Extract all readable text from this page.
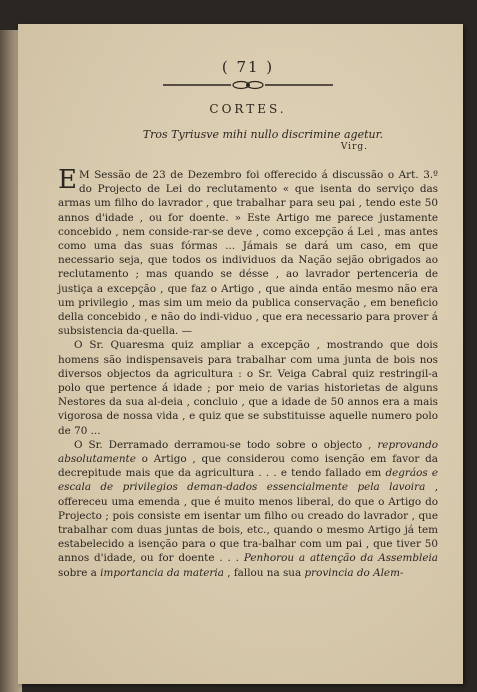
( 71 )
CORTES.
Tros Tyriusve mihi nullo discrimine agetur.
Virg.

E M Sessão de 23 de Dezembro foi offerecido á discussão o Art. 3.º do Projecto de Lei do reclutamento « que isenta do serviço das armas um filho do lavrador , que trabalhar para seu pai , tendo este 50 annos d'idade , ou for doente. » Este Artigo me parece justamente concebido , nem conside-rar-se deve , como excepção á Lei , mas antes como uma das suas fórmas ... Jámais se dará um caso, em que necessario seja, que todos os individuos da Nação sejão obrigados ao reclutamento ; mas quando se désse , ao lavrador pertenceria de justiça a excepção , que faz o Artigo , que ainda então mesmo não era um privilegio , mas sim um meio da publica conservação , em beneficio della concebido , e não do indi-viduo , que era necessario para prover á subsistencia da-quella. —

O Sr. Quaresma quiz ampliar a excepção , mostrando que dois homens são indispensaveis para trabalhar com uma junta de bois nos diversos objectos da agricultura : o Sr. Veiga Cabral quiz restringil-a polo que pertence á idade ; por meio de varias historietas de alguns Nestores da sua al-deia , concluio , que a idade de 50 annos era a mais vigorosa de nossa vida , e quiz que se substituisse aquelle numero polo de 70 ...

O Sr. Derramado derramou-se todo sobre o objecto , reprovando absolutamente o Artigo , que considerou como isenção em favor da decrepitude mais que da agricultura . . . e tendo fallado em degráos e escala de privilegios deman-dados essencialmente pela lavoira , offereceu uma emenda , que é muito menos liberal, do que o Artigo do Projecto ; pois consiste em isentar um filho ou creado do lavrador , que trabalhar com duas juntas de bois, etc., quando o mesmo Artigo já tem estabelecido a isenção para o que tra-balhar com um pai , que tiver 50 annos d'idade, ou for doente . . . Penhorou a attenção da Assembleia sobre a importancia da materia , fallou na sua provincia do Alem-
